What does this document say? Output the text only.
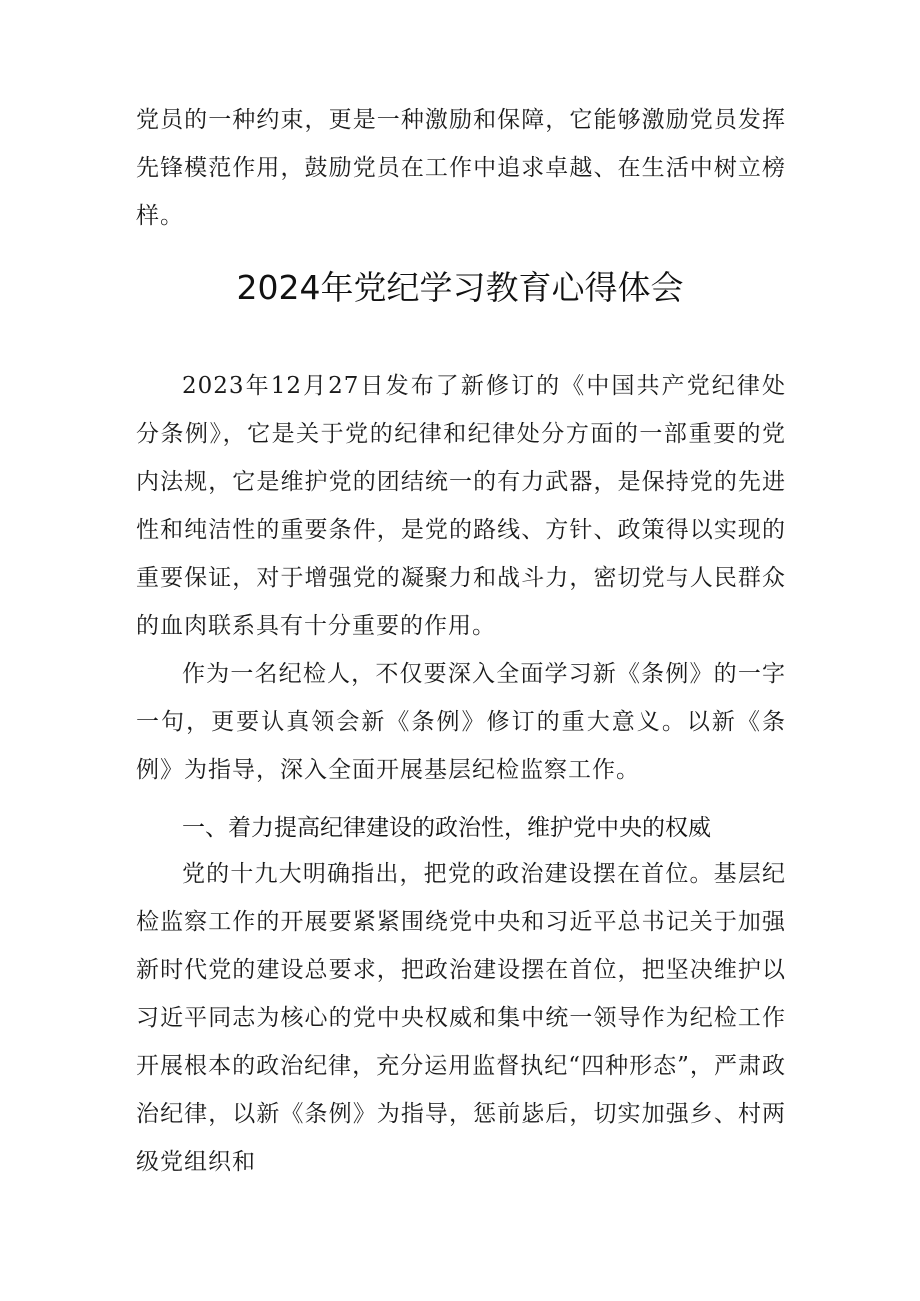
党员的一种约束，更是一种激励和保障，它能够激励党员发挥先锋模范作用，鼓励党员在工作中追求卓越、在生活中树立榜样。

2024年党纪学习教育心得体会

2023年12月27日发布了新修订的《中国共产党纪律处分条例》，它是关于党的纪律和纪律处分方面的一部重要的党内法规，它是维护党的团结统一的有力武器，是保持党的先进性和纯洁性的重要条件，是党的路线、方针、政策得以实现的重要保证，对于增强党的凝聚力和战斗力，密切党与人民群众的血肉联系具有十分重要的作用。

作为一名纪检人，不仅要深入全面学习新《条例》的一字一句，更要认真领会新《条例》修订的重大意义。以新《条例》为指导，深入全面开展基层纪检监察工作。

一、着力提高纪律建设的政治性，维护党中央的权威

党的十九大明确指出，把党的政治建设摆在首位。基层纪检监察工作的开展要紧紧围绕党中央和习近平总书记关于加强新时代党的建设总要求，把政治建设摆在首位，把坚决维护以习近平同志为核心的党中央权威和集中统一领导作为纪检工作开展根本的政治纪律，充分运用监督执纪“四种形态”，严肃政治纪律，以新《条例》为指导，惩前毖后，切实加强乡、村两级党组织和
